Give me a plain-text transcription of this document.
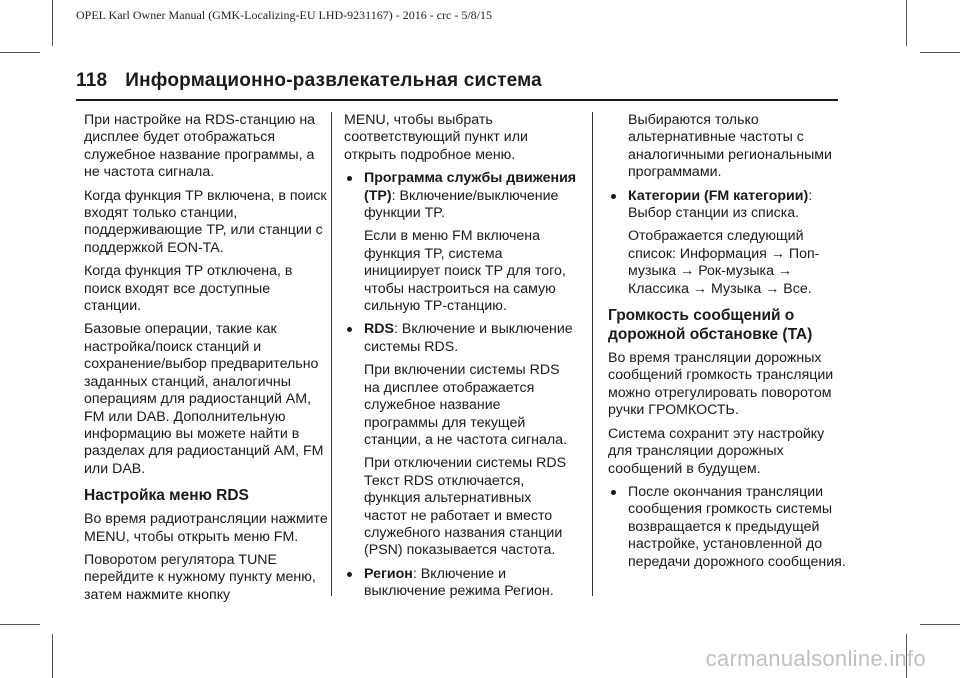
OPEL Karl Owner Manual (GMK-Localizing-EU LHD-9231167) - 2016 - crc - 5/8/15
118 Информационно-развлекательная система

При настройке на RDS-станцию на дисплее будет отображаться служебное название программы, а не частота сигнала.

Когда функция TP включена, в поиск входят только станции, поддерживающие TP, или станции с поддержкой EON-TA.

Когда функция TP отключена, в поиск входят все доступные станции.

Базовые операции, такие как настройка/поиск станций и сохранение/выбор предварительно заданных станций, аналогичны операциям для радиостанций AM, FM или DAB. Дополнительную информацию вы можете найти в разделах для радиостанций AM, FM или DAB.

Настройка меню RDS

Во время радиотрансляции нажмите MENU, чтобы открыть меню FM.

Поворотом регулятора TUNE перейдите к нужному пункту меню, затем нажмите кнопку

MENU, чтобы выбрать соответствующий пункт или открыть подробное меню.

Программа службы движения (TP): Включение/выключение функции TP.

Если в меню FM включена функция TP, система инициирует поиск TP для того, чтобы настроиться на самую сильную TP-станцию.

RDS: Включение и выключение системы RDS.

При включении системы RDS на дисплее отображается служебное название программы для текущей станции, а не частота сигнала.

При отключении системы RDS Текст RDS отключается, функция альтернативных частот не работает и вместо служебного названия станции (PSN) показывается частота.

Регион: Включение и выключение режима Регион.

Выбираются только альтернативные частоты с аналогичными региональными программами.

Категории (FM категории): Выбор станции из списка.

Отображается следующий список: Информация → Поп-музыка → Рок-музыка → Классика → Музыка → Все.

Громкость сообщений о дорожной обстановке (TA)

Во время трансляции дорожных сообщений громкость трансляции можно отрегулировать поворотом ручки ГРОМКОСТЬ.

Система сохранит эту настройку для трансляции дорожных сообщений в будущем.

После окончания трансляции сообщения громкость системы возвращается к предыдущей настройке, установленной до передачи дорожного сообщения.

carmanualsonline.info
